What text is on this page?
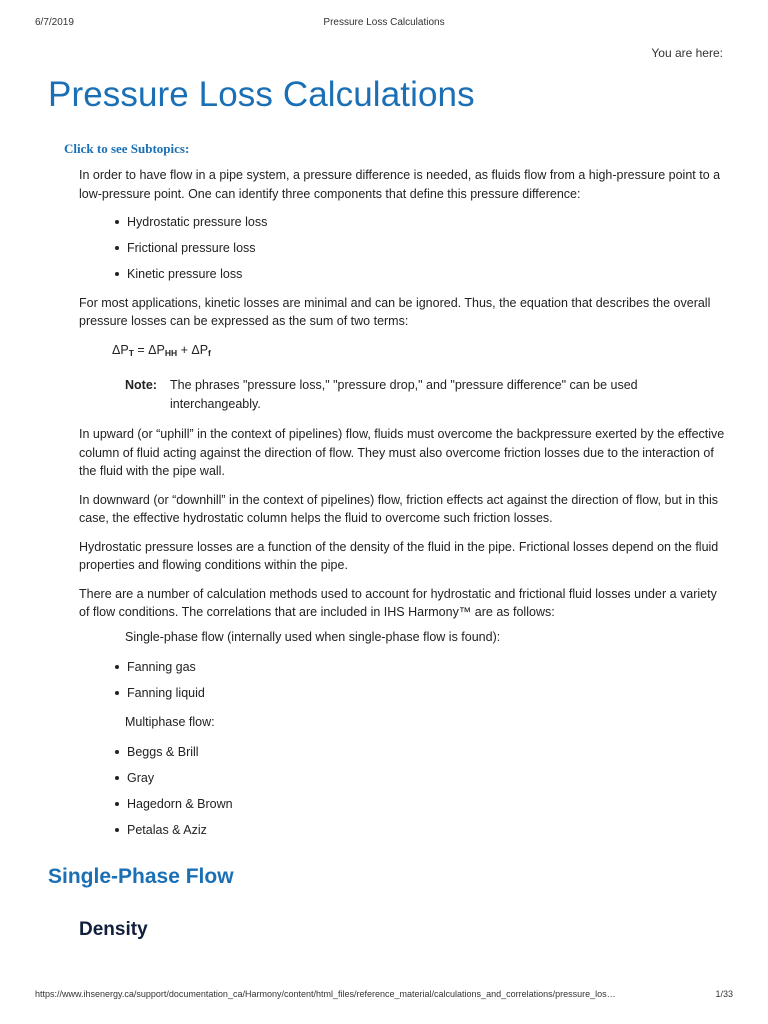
6/7/2019	Pressure Loss Calculations
You are here:
Pressure Loss Calculations
Click to see Subtopics:

In order to have flow in a pipe system, a pressure difference is needed, as fluids flow from a high-pressure point to a low-pressure point. One can identify three components that define this pressure difference:

Hydrostatic pressure loss
Frictional pressure loss
Kinetic pressure loss

For most applications, kinetic losses are minimal and can be ignored. Thus, the equation that describes the overall pressure losses can be expressed as the sum of two terms:

$\Delta P_T = \Delta P_{HH} + \Delta P_f$
Note:	The phrases "pressure loss," "pressure drop," and "pressure difference" can be used interchangeably.

In upward (or “uphill” in the context of pipelines) flow, fluids must overcome the backpressure exerted by the effective column of fluid acting against the direction of flow. They must also overcome friction losses due to the interaction of the fluid with the pipe wall.

In downward (or “downhill” in the context of pipelines) flow, friction effects act against the direction of flow, but in this case, the effective hydrostatic column helps the fluid to overcome such friction losses.

Hydrostatic pressure losses are a function of the density of the fluid in the pipe. Frictional losses depend on the fluid properties and flowing conditions within the pipe.

There are a number of calculation methods used to account for hydrostatic and frictional fluid losses under a variety of flow conditions. The correlations that are included in IHS Harmony™ are as follows:

Single-phase flow (internally used when single-phase flow is found):
Fanning gas
Fanning liquid
Multiphase flow:
Beggs & Brill
Gray
Hagedorn & Brown
Petalas & Aziz
Single-Phase Flow
Density
https://www.ihsenergy.ca/support/documentation_ca/Harmony/content/html_files/reference_material/calculations_and_correlations/pressure_los…	1/33
